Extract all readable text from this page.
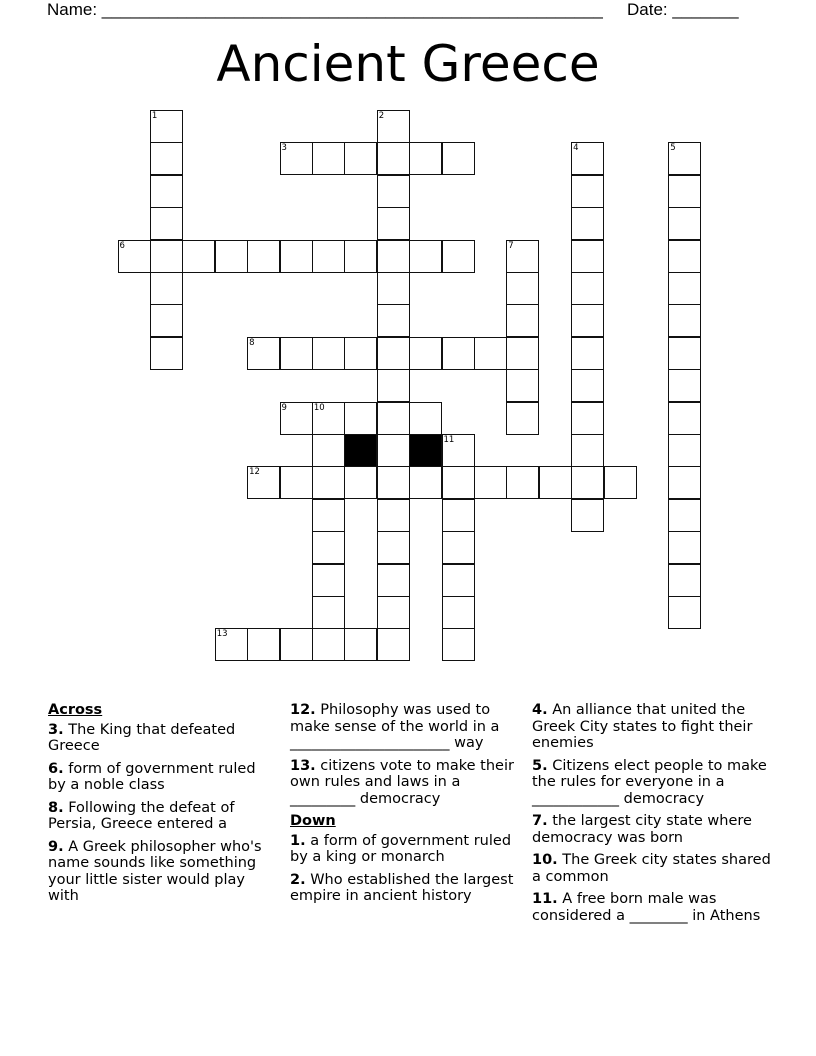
Name: _____________________________________________________ Date: _______
Ancient Greece
1	2
3	4	5
6	7
8
9	10
11
12
13
Across
3. The King that defeated Greece
6. form of government ruled by a noble class
8. Following the defeat of Persia, Greece entered a
9. A Greek philosopher who's name sounds like something your little sister would play with
12. Philosophy was used to make sense of the world in a ______________________ way
13. citizens vote to make their own rules and laws in a _________ democracy
Down
1. a form of government ruled by a king or monarch
2. Who established the largest empire in ancient history
4. An alliance that united the Greek City states to fight their enemies
5. Citizens elect people to make the rules for everyone in a ____________ democracy
7. the largest city state where democracy was born
10. The Greek city states shared a common
11. A free born male was considered a ________ in Athens
